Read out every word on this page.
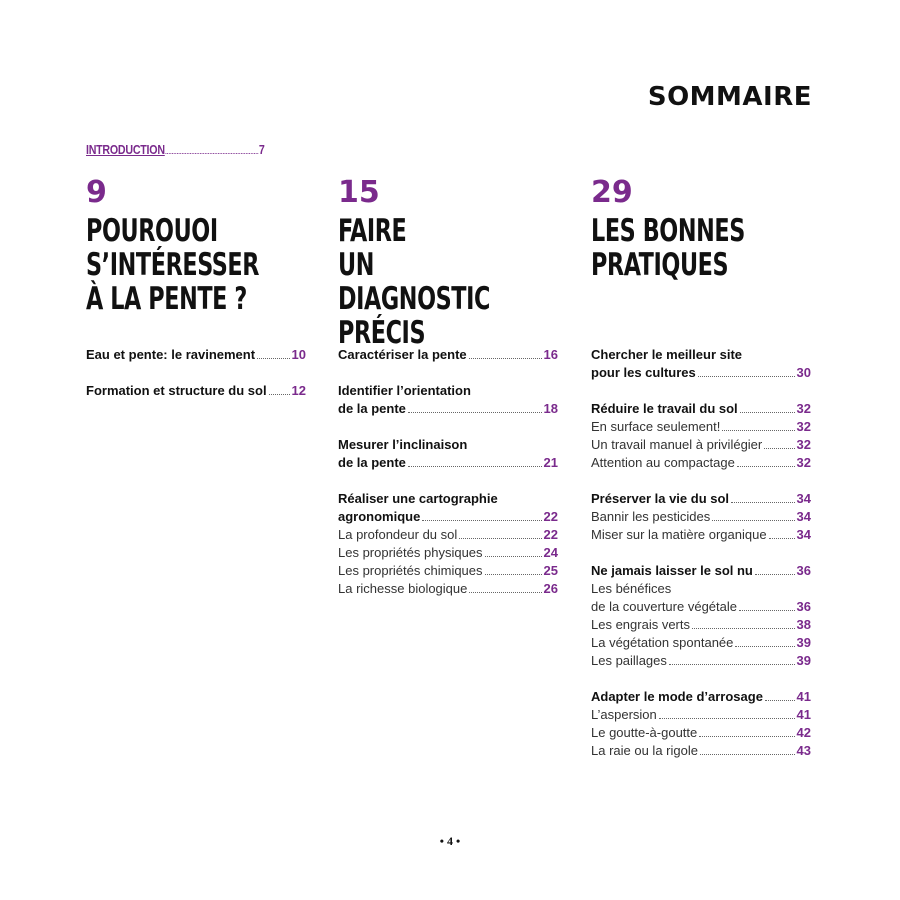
SOMMAIRE
INTRODUCTION	7
9
POUROUOI
S’INTÉRESSER
À LA PENTE ?
Eau et pente: le ravinement	10
Formation et structure du sol 12
15
FAIRE
UN DIAGNOSTIC
PRÉCIS
Caractériser la pente	16
Identifier l’orientation
de la pente	18
Mesurer l’inclinaison
de la pente	21
Réaliser une cartographie
agronomique	22
La profondeur du sol	22
Les propriétés physiques	24
Les propriétés chimiques	25
La richesse biologique	26
29
LES BONNES
PRATIQUES
Chercher le meilleur site
pour les cultures	30
Réduire le travail du sol	32
En surface seulement!	32
Un travail manuel à privilégier	32
Attention au compactage	32
Préserver la vie du sol	34
Bannir les pesticides	34
Miser sur la matière organique 34
Ne jamais laisser le sol nu	36
Les bénéfices
de la couverture végétale	36
Les engrais verts	38
La végétation spontanée	39
Les paillages	39
Adapter le mode d’arrosage	41
L’aspersion	41
Le goutte-à-goutte	42
La raie ou la rigole	43
• 4 •
